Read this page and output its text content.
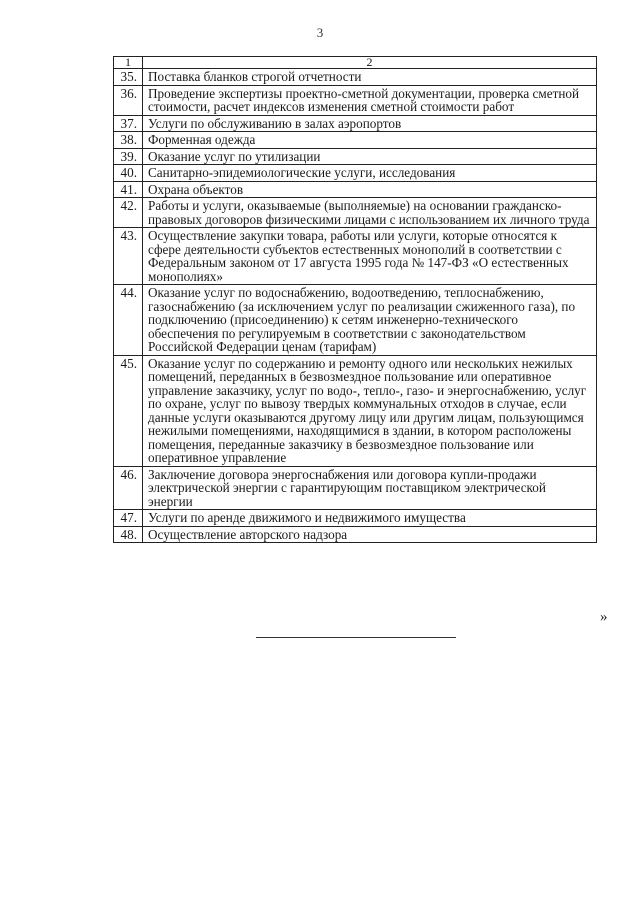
3
1	2
35.	Поставка бланков строгой отчетности
36.	Проведение экспертизы проектно-сметной документации, проверка сметной стоимости, расчет индексов изменения сметной стоимости работ
37.	Услуги по обслуживанию в залах аэропортов
38.	Форменная одежда
39.	Оказание услуг по утилизации
40.	Санитарно-эпидемиологические услуги, исследования
41.	Охрана объектов
42.	Работы и услуги, оказываемые (выполняемые) на основании гражданско-правовых договоров физическими лицами с использованием их личного труда
43.	Осуществление закупки товара, работы или услуги, которые относятся к сфере деятельности субъектов естественных монополий в соответствии с Федеральным законом от 17 августа 1995 года № 147-ФЗ «О естественных монополиях»
44.	Оказание услуг по водоснабжению, водоотведению, теплоснабжению, газоснабжению (за исключением услуг по реализации сжиженного газа), по подключению (присоединению) к сетям инженерно-технического обеспечения по регулируемым в соответствии с законодательством Российской Федерации ценам (тарифам)
45.	Оказание услуг по содержанию и ремонту одного или нескольких нежилых помещений, переданных в безвозмездное пользование или оперативное управление заказчику, услуг по водо-, тепло-, газо- и энергоснабжению, услуг по охране, услуг по вывозу твердых коммунальных отходов в случае, если данные услуги оказываются другому лицу или другим лицам, пользующимся нежилыми помещениями, находящимися в здании, в котором расположены помещения, переданные заказчику в безвозмездное пользование или оперативное управление
46.	Заключение договора энергоснабжения или договора купли-продажи электрической энергии с гарантирующим поставщиком электрической энергии
47.	Услуги по аренде движимого и недвижимого имущества
48.	Осуществление авторского надзора
»
